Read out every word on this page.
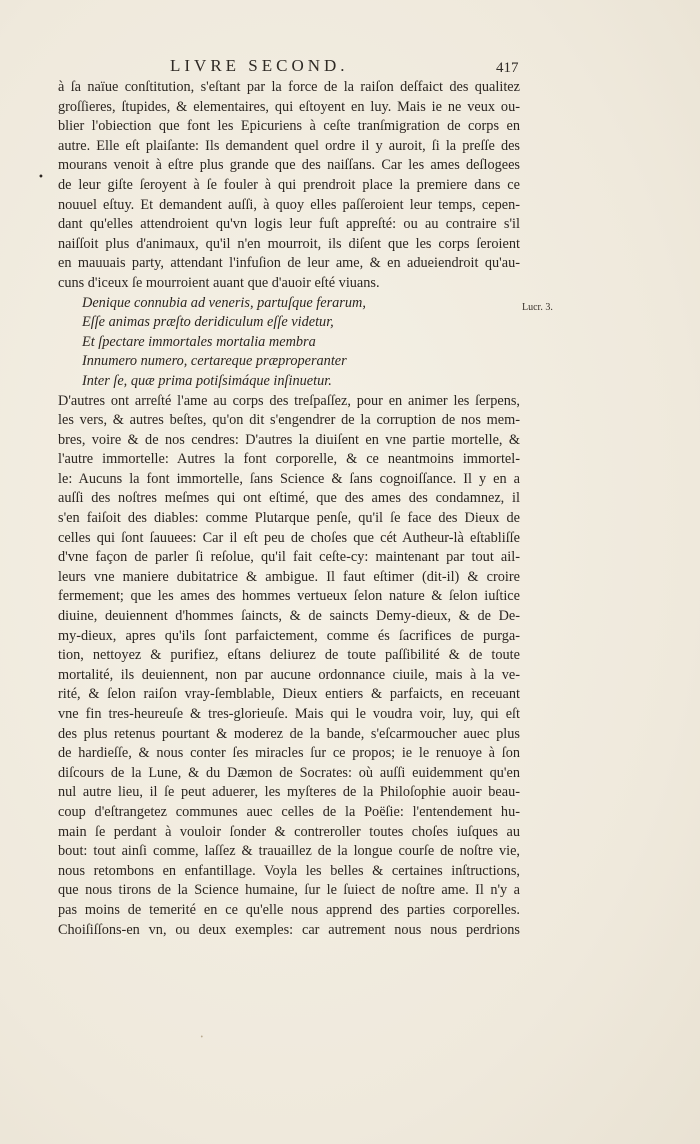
LIVRE SECOND.	417
•
à ſa naïue conſtitution, s'eſtant par la force de la raiſon deſfaict des qualitez
groſſieres, ſtupides, & elementaires, qui eſtoyent en luy. Mais ie ne veux ou-
blier l'obiection que font les Epicuriens à ceſte tranſmigration de corps en
autre. Elle eſt plaiſante: Ils demandent quel ordre il y auroit, ſi la preſſe des
mourans venoit à eſtre plus grande que des naiſſans. Car les ames deſlogees
de leur giſte ſeroyent à ſe fouler à qui prendroit place la premiere dans ce
nouuel eſtuy. Et demandent auſſi, à quoy elles paſſeroient leur temps, cepen-
dant qu'elles attendroient qu'vn logis leur fuſt appreſté: ou au contraire s'il
naiſſoit plus d'animaux, qu'il n'en mourroit, ils diſent que les corps ſeroient
en mauuais party, attendant l'infuſion de leur ame, & en adueiendroit qu'au-
cuns d'iceux ſe mourroient auant que d'auoir eſté viuans.
Denique connubia ad veneris, partuſque ferarum,
Eſſe animas præſto deridiculum eſſe videtur,
Et ſpectare immortales mortalia membra
Innumero numero, certareque præproperanter
Inter ſe, quæ prima potiſsimáque inſinuetur.
D'autres ont arreſté l'ame au corps des treſpaſſez, pour en animer les ſerpens,
les vers, & autres beſtes, qu'on dit s'engendrer de la corruption de nos mem-
bres, voire & de nos cendres: D'autres la diuiſent en vne partie mortelle, &
l'autre immortelle: Autres la font corporelle, & ce neantmoins immortel-
le: Aucuns la font immortelle, ſans Science & ſans cognoiſſance. Il y en a
auſſi des noſtres meſmes qui ont eſtimé, que des ames des condamnez, il
s'en faiſoit des diables: comme Plutarque penſe, qu'il ſe face des Dieux de
celles qui ſont ſauuees: Car il eſt peu de choſes que cét Autheur-là eſtabliſſe
d'vne façon de parler ſi reſolue, qu'il fait ceſte-cy: maintenant par tout ail-
leurs vne maniere dubitatrice & ambigue. Il faut eſtimer (dit-il) & croire
fermement; que les ames des hommes vertueux ſelon nature & ſelon iuſtice
diuine, deuiennent d'hommes ſaincts, & de saincts Demy-dieux, & de De-
my-dieux, apres qu'ils ſont parfaictement, comme és ſacrifices de purga-
tion, nettoyez & purifiez, eſtans deliurez de toute paſſibilité & de toute
mortalité, ils deuiennent, non par aucune ordonnance ciuile, mais à la ve-
rité, & ſelon raiſon vray-ſemblable, Dieux entiers & parfaicts, en receuant
vne fin tres-heureuſe & tres-glorieuſe. Mais qui le voudra voir, luy, qui eſt
des plus retenus pourtant & moderez de la bande, s'eſcarmoucher auec plus
de hardieſſe, & nous conter ſes miracles ſur ce propos; ie le renuoye à ſon
diſcours de la Lune, & du Dæmon de Socrates: où auſſi euidemment qu'en
nul autre lieu, il ſe peut aduerer, les myſteres de la Philoſophie auoir beau-
coup d'eſtrangetez communes auec celles de la Poëſie: l'entendement hu-
main ſe perdant à vouloir ſonder & contreroller toutes choſes iuſques au
bout: tout ainſi comme, laſſez & trauaillez de la longue courſe de noſtre vie,
nous retombons en enfantillage. Voyla les belles & certaines inſtructions,
que nous tirons de la Science humaine, ſur le ſuiect de noſtre ame. Il n'y a
pas moins de temerité en ce qu'elle nous apprend des parties corporelles.
Choiſiſſons-en vn, ou deux exemples: car autrement nous nous perdrions
Lucr. 3.
•
